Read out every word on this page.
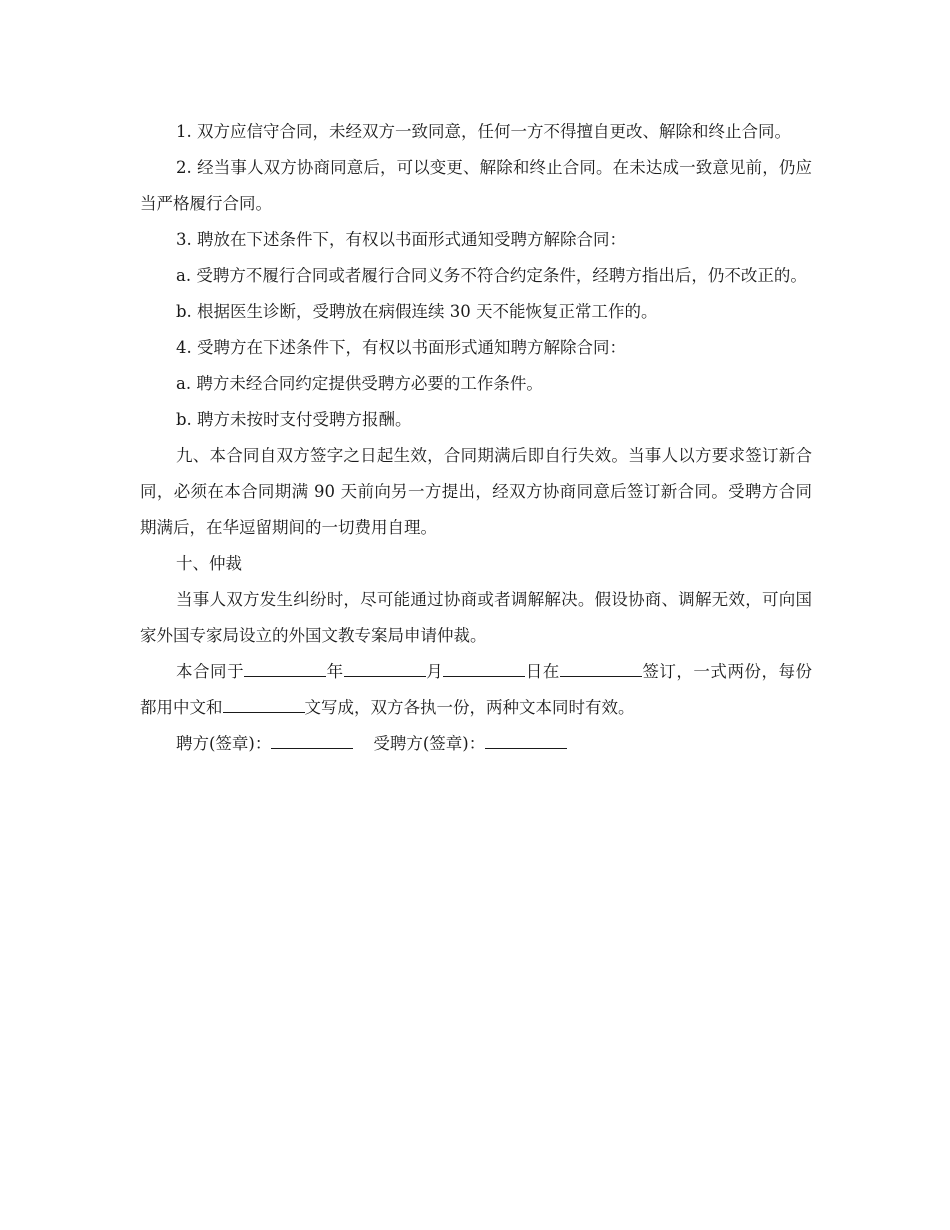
1. 双方应信守合同，未经双方一致同意，任何一方不得擅自更改、解除和终止合同。

2. 经当事人双方协商同意后，可以变更、解除和终止合同。在未达成一致意见前，仍应当严格履行合同。

3. 聘放在下述条件下，有权以书面形式通知受聘方解除合同：

a. 受聘方不履行合同或者履行合同义务不符合约定条件，经聘方指出后，仍不改正的。

b. 根据医生诊断，受聘放在病假连续 30 天不能恢复正常工作的。

4. 受聘方在下述条件下，有权以书面形式通知聘方解除合同：

a. 聘方未经合同约定提供受聘方必要的工作条件。

b. 聘方未按时支付受聘方报酬。

九、本合同自双方签字之日起生效，合同期满后即自行失效。当事人以方要求签订新合同，必须在本合同期满 90 天前向另一方提出，经双方协商同意后签订新合同。受聘方合同期满后，在华逗留期间的一切费用自理。

十、仲裁

当事人双方发生纠纷时，尽可能通过协商或者调解解决。假设协商、调解无效，可向国家外国专家局设立的外国文教专案局申请仲裁。

本合同于	年	月	日在	签订，一式两份，每份都用中文和	文写成，双方各执一份，两种文本同时有效。

聘方(签章)：	受聘方(签章)：
